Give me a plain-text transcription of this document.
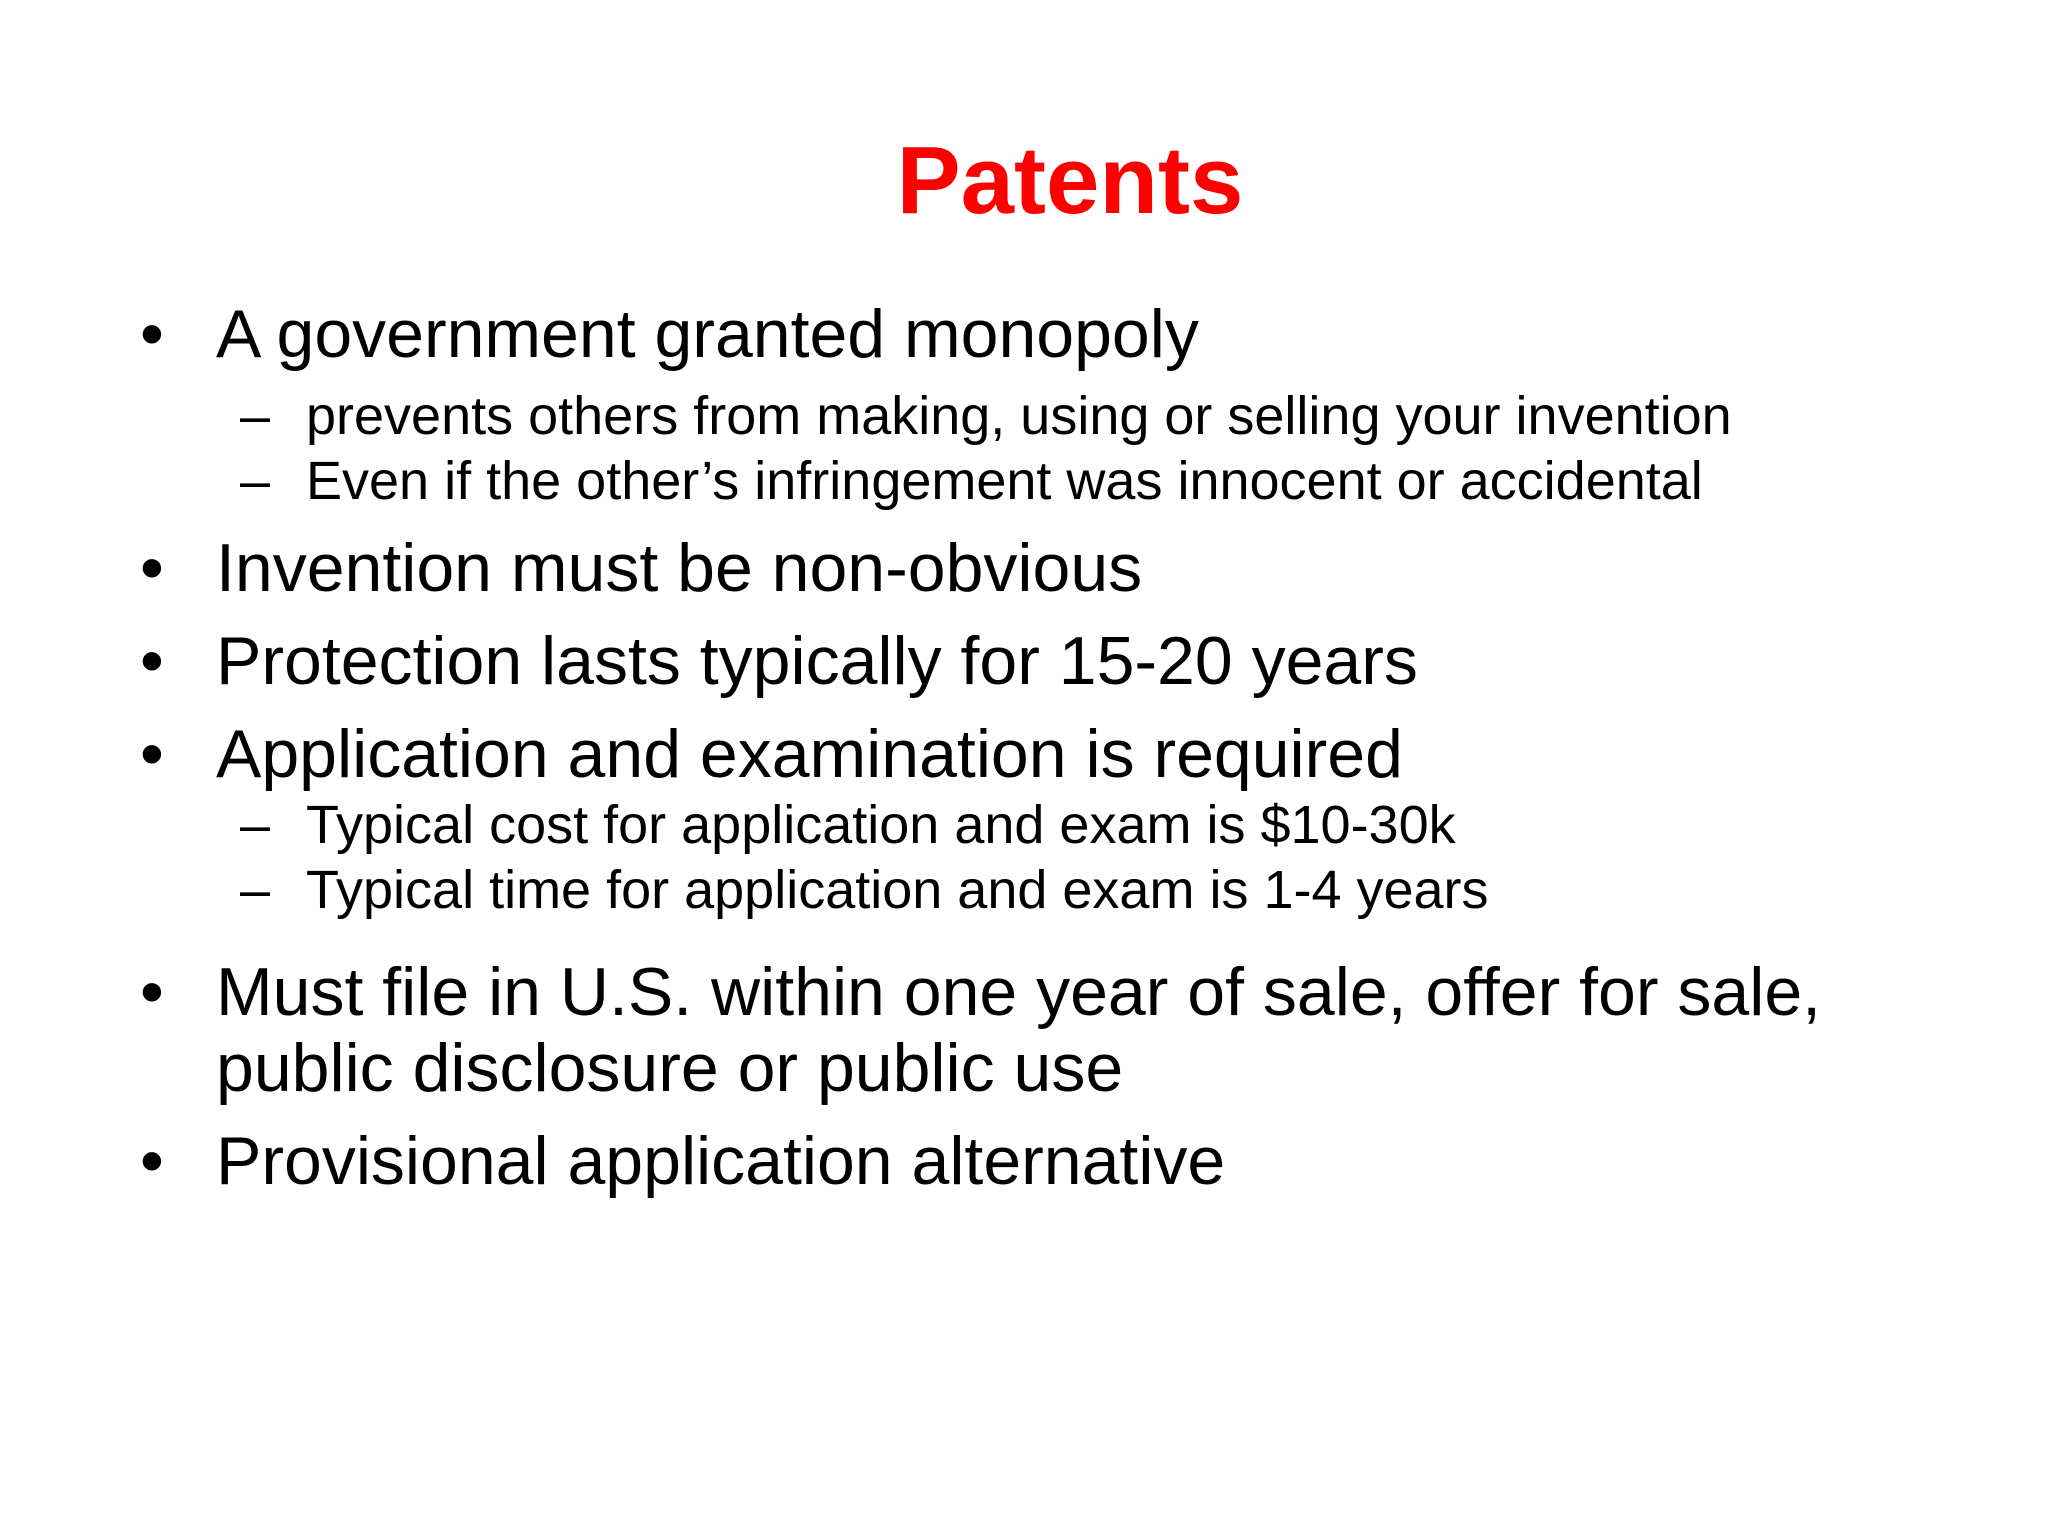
Patents
• A government granted monopoly
– prevents others from making, using or selling your invention
– Even if the other’s infringement was innocent or accidental
• Invention must be non-obvious
• Protection lasts typically for 15-20 years
• Application and examination is required
– Typical cost for application and exam is $10-30k
– Typical time for application and exam is 1-4 years
• Must file in U.S. within one year of sale, offer for sale,
public disclosure or public use
• Provisional application alternative
